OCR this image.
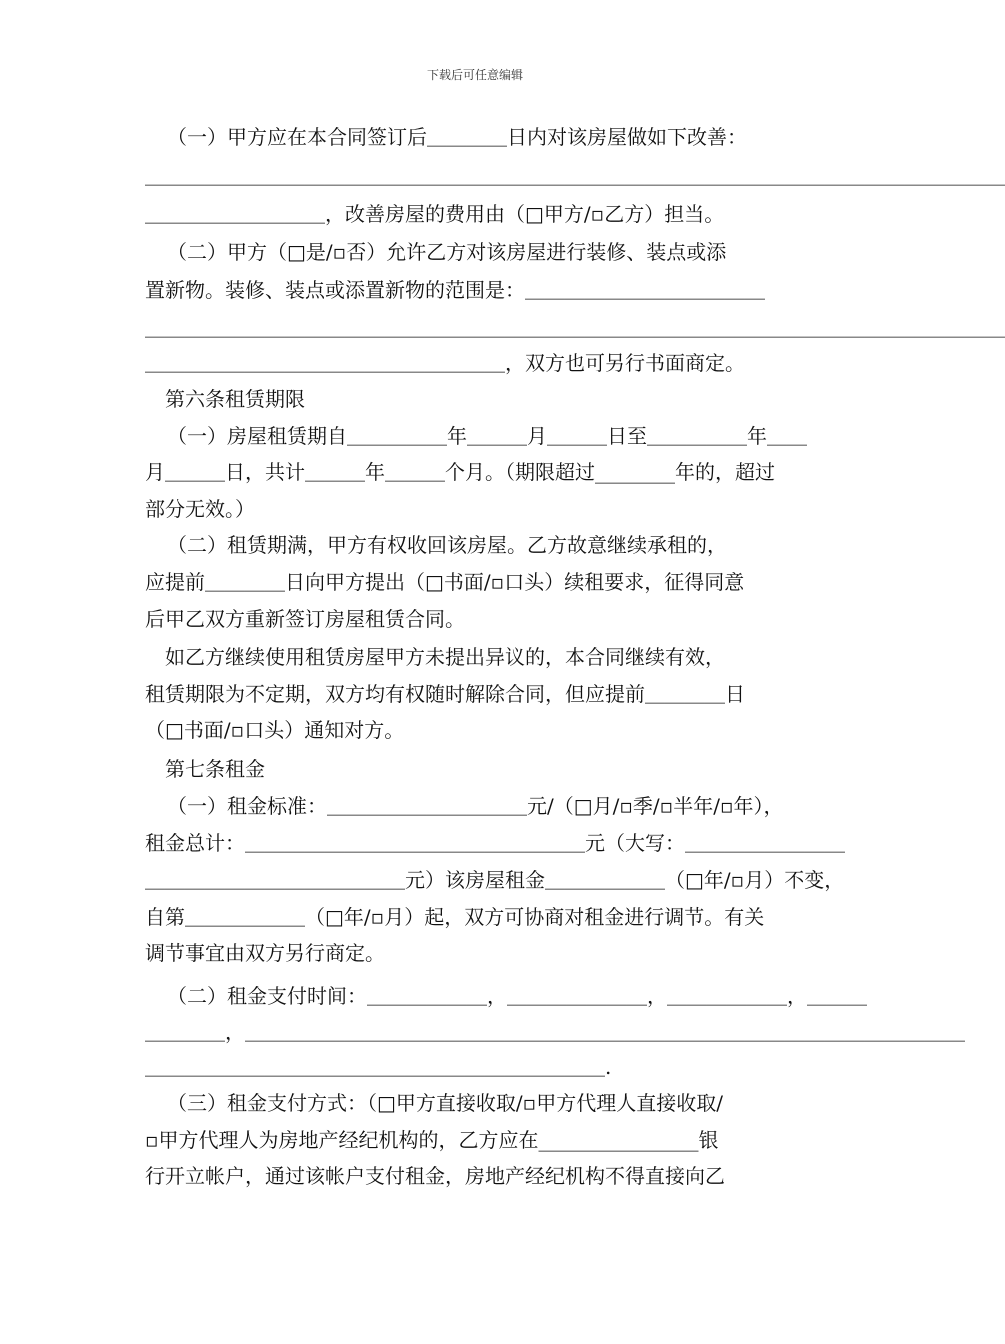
下载后可任意编辑
（一）甲方应在本合同签订后＿＿＿＿日内对该房屋做如下改善：
＿＿＿＿＿＿＿＿＿＿＿＿＿＿＿＿＿＿＿＿＿＿＿＿＿＿＿＿＿＿＿＿＿＿＿＿＿＿＿＿＿＿＿
＿＿＿＿＿＿＿＿＿，改善房屋的费用由（□甲方/▫乙方）担当。
（二）甲方（□是/▫否）允许乙方对该房屋进行装修、装点或添
置新物。装修、装点或添置新物的范围是：＿＿＿＿＿＿＿＿＿＿＿＿
＿＿＿＿＿＿＿＿＿＿＿＿＿＿＿＿＿＿＿＿＿＿＿＿＿＿＿＿＿＿＿＿＿＿＿＿＿＿＿＿＿＿＿
＿＿＿＿＿＿＿＿＿＿＿＿＿＿＿＿＿＿，双方也可另行书面商定。
第六条租赁期限
（一）房屋租赁期自＿＿＿＿＿年＿＿＿月＿＿＿日至＿＿＿＿＿年＿＿
月＿＿＿日，共计＿＿＿年＿＿＿个月。（期限超过________年的，超过
部分无效。）
（二）租赁期满，甲方有权收回该房屋。乙方故意继续承租的，
应提前＿＿＿＿日向甲方提出（□书面/▫口头）续租要求，征得同意
后甲乙双方重新签订房屋租赁合同。
如乙方继续使用租赁房屋甲方未提出异议的，本合同继续有效，
租赁期限为不定期，双方均有权随时解除合同，但应提前＿＿＿＿日
（□书面/▫口头）通知对方。
第七条租金
（一）租金标准：＿＿＿＿＿＿＿＿＿＿元/（□月/▫季/▫半年/▫年），
租金总计：＿＿＿＿＿＿＿＿＿＿＿＿＿＿＿＿＿元（大写：＿＿＿＿＿＿＿＿
＿＿＿＿＿＿＿＿＿＿＿＿＿元）该房屋租金＿＿＿＿＿＿（□年/▫月）不变，
自第＿＿＿＿＿＿（□年/▫月）起，双方可协商对租金进行调节。有关
调节事宜由双方另行商定。
（二）租金支付时间：＿＿＿＿＿＿，＿＿＿＿＿＿＿，＿＿＿＿＿＿，＿＿＿
＿＿＿＿，＿＿＿＿＿＿＿＿＿＿＿＿＿＿＿＿＿＿＿＿＿＿＿＿＿＿＿＿＿＿＿＿＿＿＿＿
＿＿＿＿＿＿＿＿＿＿＿＿＿＿＿＿＿＿＿＿＿＿＿.
（三）租金支付方式：（□甲方直接收取/▫甲方代理人直接收取/
▫甲方代理人为房地产经纪机构的，乙方应在________________银
行开立帐户，通过该帐户支付租金，房地产经纪机构不得直接向乙
